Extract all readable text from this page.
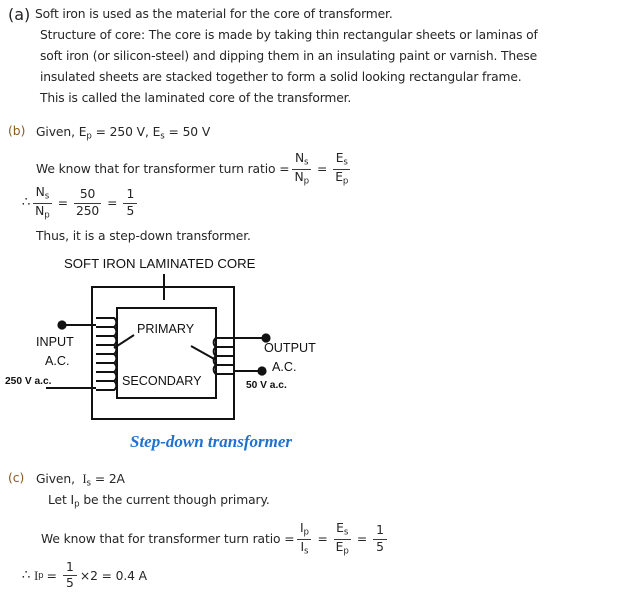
(a) Soft iron is used as the material for the core of transformer.
Structure of core: The core is made by taking thin rectangular sheets or laminas of
soft iron (or silicon-steel) and dipping them in an insulating paint or varnish. These
insulated sheets are stacked together to form a solid looking rectangular frame.
This is called the laminated core of the transformer.
(b) Given, $E_p = 250$ V, $E_s = 50$ V
We know that for transformer turn ratio = $\frac{N_s}{N_p} = \frac{E_s}{E_p}$
∴ $\frac{N_s}{N_p} = \frac{50}{250} = \frac{1}{5}$
Thus, it is a step-down transformer.
SOFT IRON LAMINATED CORE
PRIMARY
SECONDARY
INPUT
A.C.
250 V a.c.
OUTPUT
A.C.
50 V a.c.
Step-down transformer
(c) Given, $I_s = 2A$
Let $I_p$ be the current though primary.
We know that for transformer turn ratio = $\frac{I_p}{I_s} = \frac{E_s}{E_p} = \frac{1}{5}$
∴ I $p = \frac{1}{5} \times 2 = 0.4$ A
